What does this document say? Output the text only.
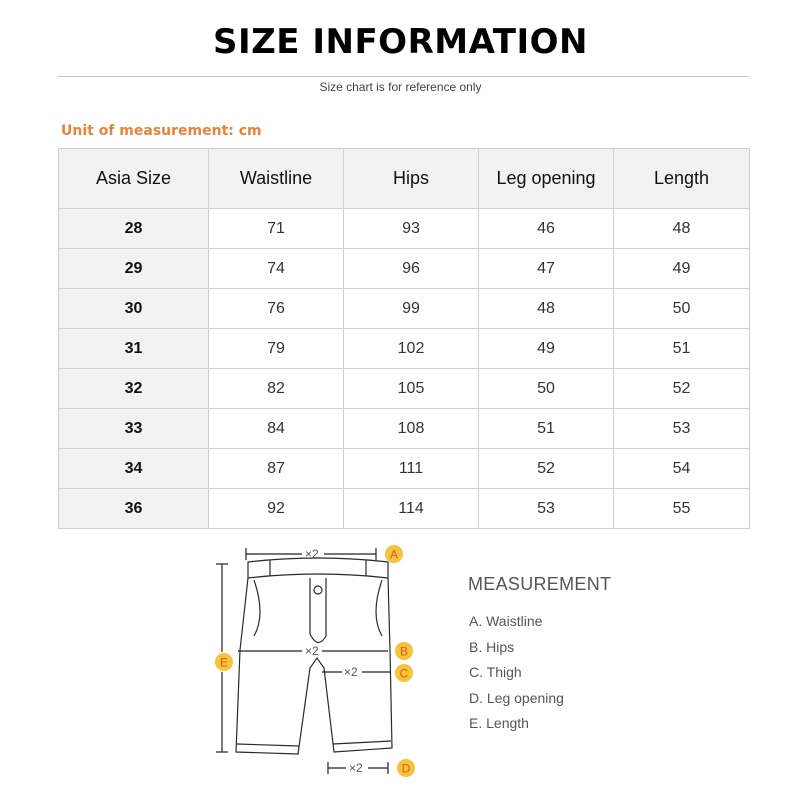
SIZE INFORMATION
Size chart is for reference only
Unit of measurement: cm
Asia Size	Waistline	Hips	Leg opening	Length
28	71	93	46	48
29	74	96	47	49
30	76	99	48	50
31	79	102	49	51
32	82	105	50	52
33	84	108	51	53
34	87	111	52	54
36	92	114	53	55
×2	A
E
×2	B
×2	C
×2	D
MEASUREMENT
A. Waistline
B. Hips
C. Thigh
D. Leg opening
E. Length
